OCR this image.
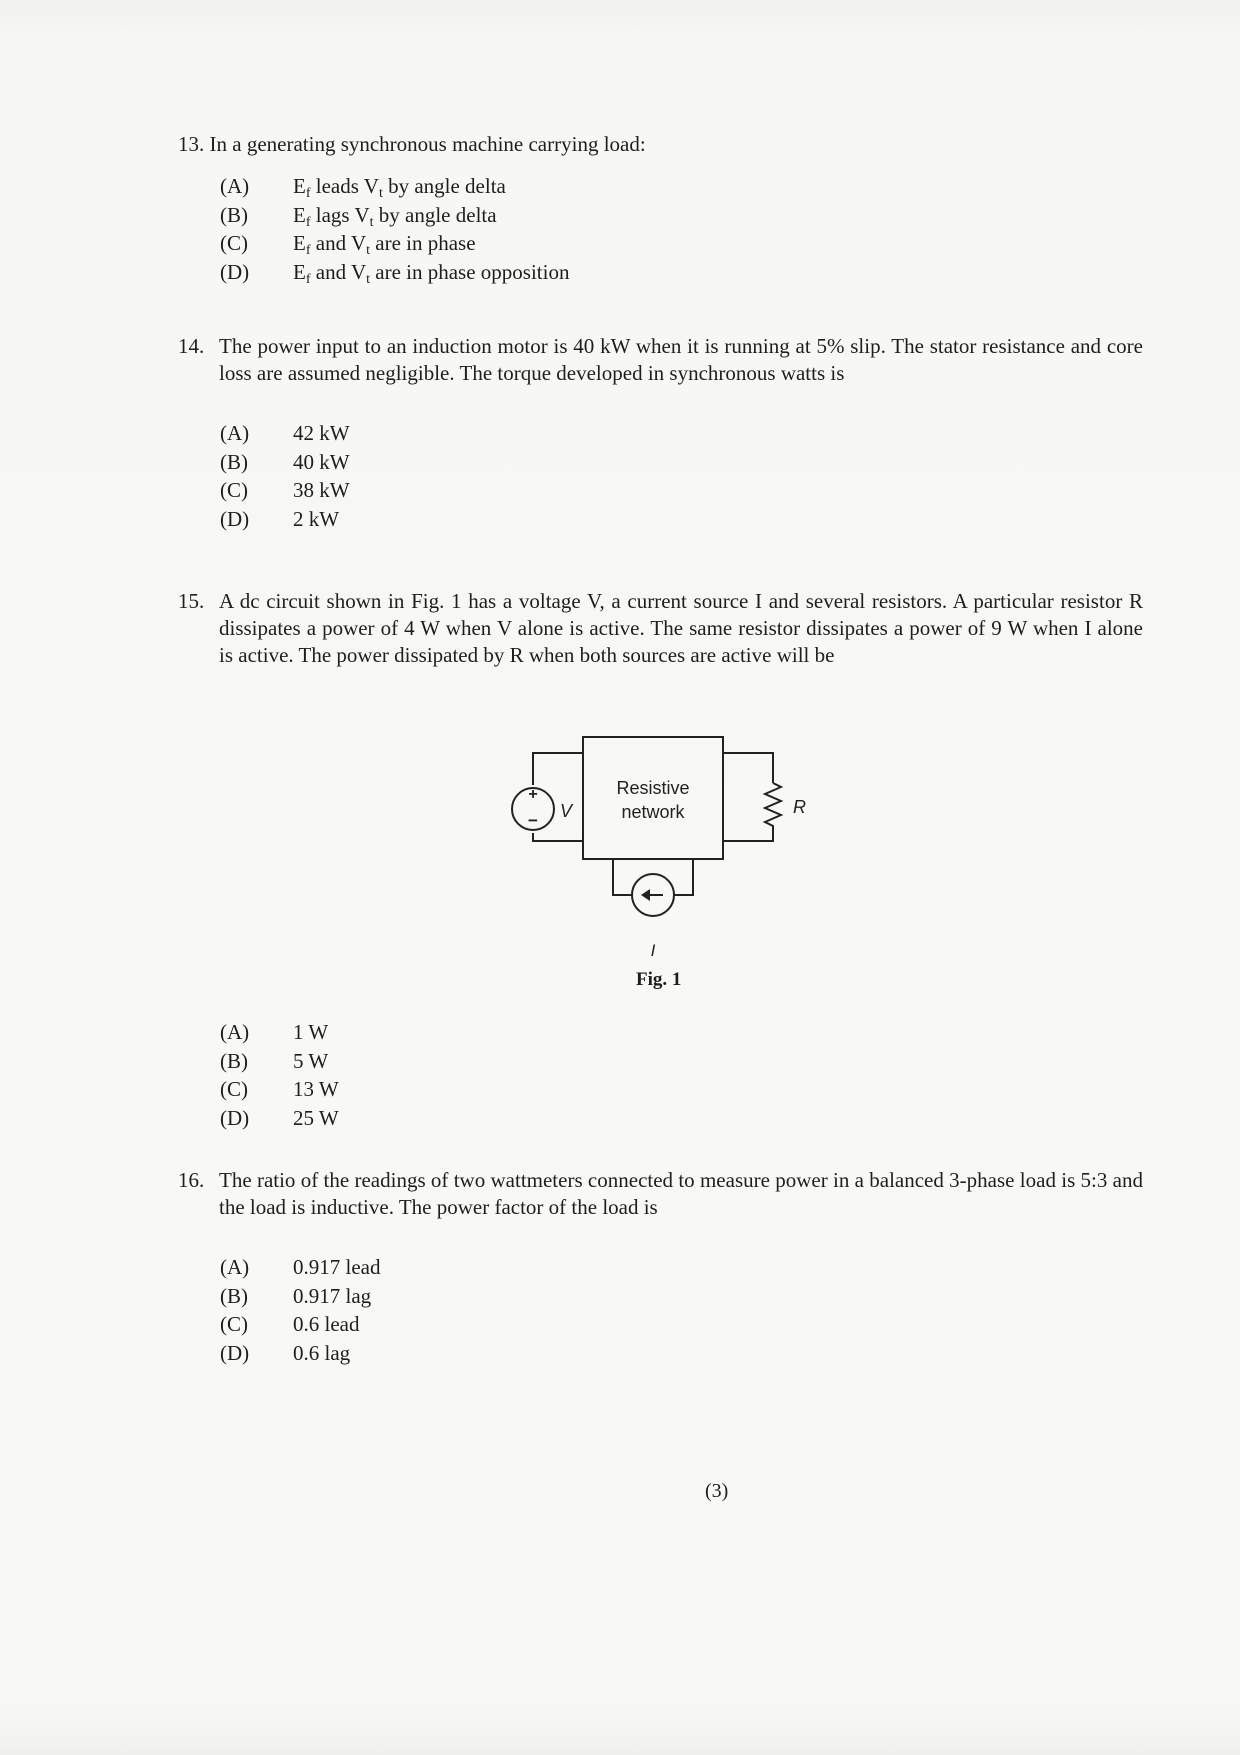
13. In a generating synchronous machine carrying load:
(A)	$E_f$ leads $V_t$ by angle delta
(B)	$E_f$ lags $V_t$ by angle delta
(C)	$E_f$ and $V_t$ are in phase
(D)	$E_f$ and $V_t$ are in phase opposition
14. The power input to an induction motor is 40 kW when it is running at 5% slip. The stator resistance and core loss are assumed negligible. The torque developed in synchronous watts is
(A)	42 kW
(B)	40 kW
(C)	38 kW
(D)	2 kW
15. A dc circuit shown in Fig. 1 has a voltage V, a current source I and several resistors. A particular resistor R dissipates a power of 4 W when V alone is active. The same resistor dissipates a power of 9 W when I alone is active. The power dissipated by R when both sources are active will be
+
− V
Resistive
network	R
I
Fig. 1
(A)	1 W
(B)	5 W
(C)	13 W
(D)	25 W
16. The ratio of the readings of two wattmeters connected to measure power in a balanced 3-phase load is 5:3 and the load is inductive. The power factor of the load is
(A)	0.917 lead
(B)	0.917 lag
(C)	0.6 lead
(D)	0.6 lag
(3)
